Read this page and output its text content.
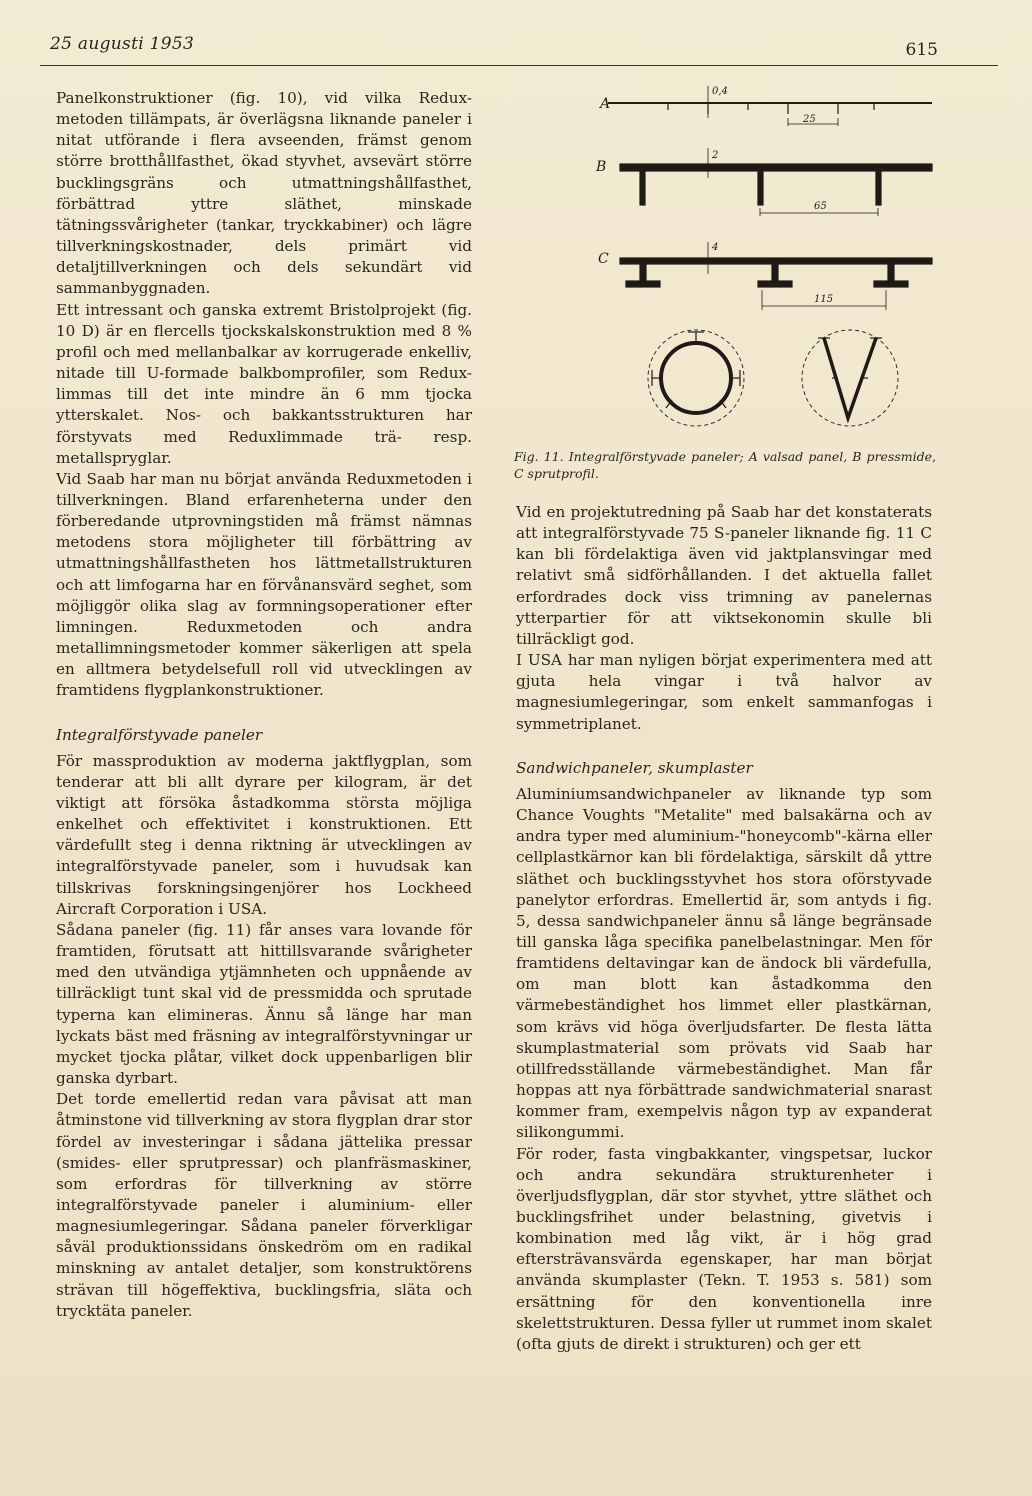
25 augusti 1953	615

Panelkonstruktioner (fig. 10), vid vilka Redux-metoden tillämpats, är överlägsna liknande paneler i nitat utförande i flera avseenden, främst genom större brotthållfasthet, ökad styvhet, avsevärt större bucklingsgräns och utmattningshållfasthet, förbättrad yttre släthet, minskade tätningssvårigheter (tankar, tryckkabiner) och lägre tillverkningskostnader, dels primärt vid detaljtillverkningen och dels sekundärt vid sammanbyggnaden.

Ett intressant och ganska extremt Bristolprojekt (fig. 10 D) är en flercells tjockskalskonstruktion med 8 % profil och med mellanbalkar av korrugerade enkelliv, nitade till U-formade balkbomprofiler, som Redux-limmas till det inte mindre än 6 mm tjocka ytterskalet. Nos- och bakkantsstrukturen har förstyvats med Reduxlimmade trä- resp. metallspryglar.

Vid Saab har man nu börjat använda Reduxmetoden i tillverkningen. Bland erfarenheterna under den förberedande utprovningstiden må främst nämnas metodens stora möjligheter till förbättring av utmattningshållfastheten hos lättmetallstrukturen och att limfogarna har en förvånansvärd seghet, som möjliggör olika slag av formningsoperationer efter limningen. Reduxmetoden och andra metallimningsmetoder kommer säkerligen att spela en alltmera betydelsefull roll vid utvecklingen av framtidens flygplankonstruktioner.

Integralförstyvade paneler

För massproduktion av moderna jaktflygplan, som tenderar att bli allt dyrare per kilogram, är det viktigt att försöka åstadkomma största möjliga enkelhet och effektivitet i konstruktionen. Ett värdefullt steg i denna riktning är utvecklingen av integralförstyvade paneler, som i huvudsak kan tillskrivas forskningsingenjörer hos Lockheed Aircraft Corporation i USA.

Sådana paneler (fig. 11) får anses vara lovande för framtiden, förutsatt att hittillsvarande svårigheter med den utvändiga ytjämnheten och uppnående av tillräckligt tunt skal vid de pressmidda och sprutade typerna kan elimineras. Ännu så länge har man lyckats bäst med fräsning av integralförstyvningar ur mycket tjocka plåtar, vilket dock uppenbarligen blir ganska dyrbart.

Det torde emellertid redan vara påvisat att man åtminstone vid tillverkning av stora flygplan drar stor fördel av investeringar i sådana jättelika pressar (smides- eller sprutpressar) och planfräsmaskiner, som erfordras för tillverkning av större integralförstyvade paneler i aluminium- eller magnesiumlegeringar. Sådana paneler förverkligar såväl produktionssidans önskedröm om en radikal minskning av antalet detaljer, som konstruktörens strävan till högeffektiva, bucklingsfria, släta och trycktäta paneler.

A
B
C
0,4
25
2
65
4
115
Fig. 11. Integralförstyvade paneler; A valsad panel, B pressmide, C sprutprofil.

Vid en projektutredning på Saab har det konstaterats att integralförstyvade 75 S-paneler liknande fig. 11 C kan bli fördelaktiga även vid jaktplansvingar med relativt små sidförhållanden. I det aktuella fallet erfordrades dock viss trimning av panelernas ytterpartier för att viktsekonomin skulle bli tillräckligt god.

I USA har man nyligen börjat experimentera med att gjuta hela vingar i två halvor av magnesiumlegeringar, som enkelt sammanfogas i symmetriplanet.

Sandwichpaneler, skumplaster

Aluminiumsandwichpaneler av liknande typ som Chance Voughts "Metalite" med balsakärna och av andra typer med aluminium-"honeycomb"-kärna eller cellplastkärnor kan bli fördelaktiga, särskilt då yttre släthet och bucklingsstyvhet hos stora oförstyvade panelytor erfordras. Emellertid är, som antyds i fig. 5, dessa sandwichpaneler ännu så länge begränsade till ganska låga specifika panelbelastningar. Men för framtidens deltavingar kan de ändock bli värdefulla, om man blott kan åstadkomma den värmebeständighet hos limmet eller plastkärnan, som krävs vid höga överljudsfarter. De flesta lätta skumplastmaterial som prövats vid Saab har otillfredsställande värmebeständighet. Man får hoppas att nya förbättrade sandwichmaterial snarast kommer fram, exempelvis någon typ av expanderat silikongummi.

För roder, fasta vingbakkanter, vingspetsar, luckor och andra sekundära strukturenheter i överljudsflygplan, där stor styvhet, yttre släthet och bucklingsfrihet under belastning, givetvis i kombination med låg vikt, är i hög grad eftersträvansvärda egenskaper, har man börjat använda skumplaster (Tekn. T. 1953 s. 581) som ersättning för den konventionella inre skelettstrukturen. Dessa fyller ut rummet inom skalet (ofta gjuts de direkt i strukturen) och ger ett
